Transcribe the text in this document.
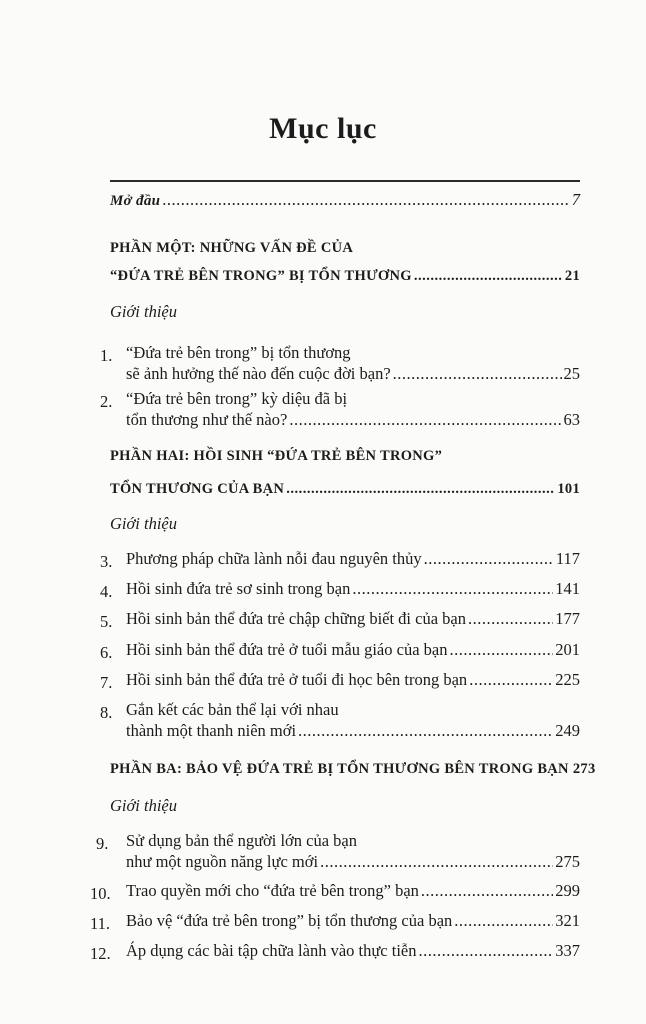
Mục lục
Mở đầu .....	7
PHẦN MỘT: NHỮNG VẤN ĐỀ CỦA
“ĐỨA TRẺ BÊN TRONG” BỊ TỔN THƯƠNG .....	21
Giới thiệu
1. “Đứa trẻ bên trong” bị tổn thương
sẽ ảnh hưởng thế nào đến cuộc đời bạn? .....	25
2. “Đứa trẻ bên trong” kỳ diệu đã bị
tổn thương như thế nào? .....	63
PHẦN HAI: HỒI SINH “ĐỨA TRẺ BÊN TRONG”
TỔN THƯƠNG CỦA BẠN .....	101
Giới thiệu
3. Phương pháp chữa lành nỗi đau nguyên thủy .....	117
4. Hồi sinh đứa trẻ sơ sinh trong bạn .....	141
5. Hồi sinh bản thể đứa trẻ chập chững biết đi của bạn .....	177
6. Hồi sinh bản thể đứa trẻ ở tuổi mẫu giáo của bạn .....	201
7. Hồi sinh bản thể đứa trẻ ở tuổi đi học bên trong bạn .....	225
8. Gắn kết các bản thể lại với nhau
thành một thanh niên mới .....	249
PHẦN BA: BẢO VỆ ĐỨA TRẺ BỊ TỔN THƯƠNG BÊN TRONG BẠN 273
Giới thiệu
9. Sử dụng bản thể người lớn của bạn
như một nguồn năng lực mới .....	275
10. Trao quyền mới cho “đứa trẻ bên trong” bạn .....	299
11. Bảo vệ “đứa trẻ bên trong” bị tổn thương của bạn .....	321
12. Áp dụng các bài tập chữa lành vào thực tiễn .....	337
